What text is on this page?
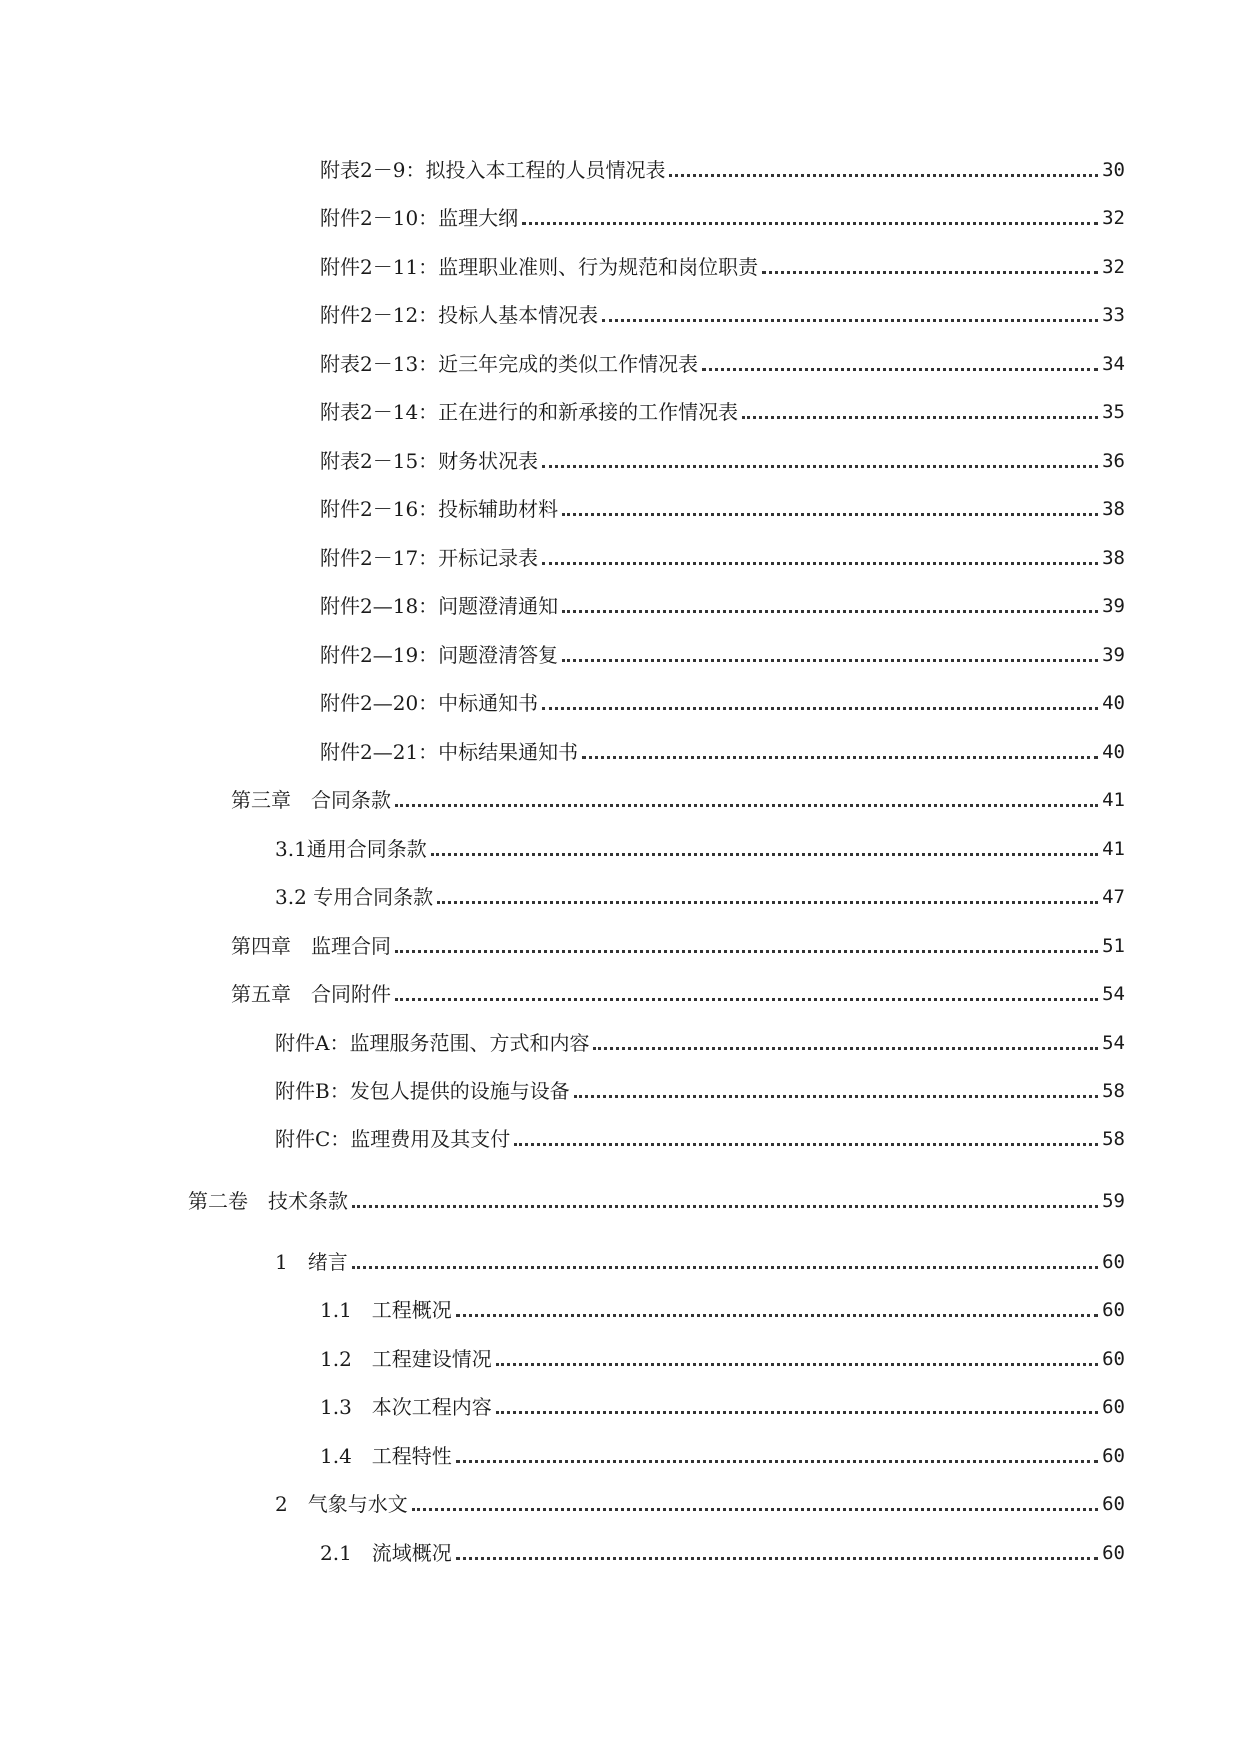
附表2－9：拟投入本工程的人员情况表	30
附件2－10：监理大纲	32
附件2－11：监理职业准则、行为规范和岗位职责	32
附件2－12：投标人基本情况表	33
附表2－13：近三年完成的类似工作情况表	34
附表2－14：正在进行的和新承接的工作情况表	35
附表2－15：财务状况表	36
附件2－16：投标辅助材料	38
附件2－17：开标记录表	38
附件2—18：问题澄清通知	39
附件2—19：问题澄清答复	39
附件2—20：中标通知书	40
附件2—21：中标结果通知书	40
第三章　合同条款	41
3.1通用合同条款	41
3.2 专用合同条款	47
第四章　监理合同	51
第五章　合同附件	54
附件A：监理服务范围、方式和内容	54
附件B：发包人提供的设施与设备	58
附件C：监理费用及其支付	58
第二卷　技术条款	59
1　绪言	60
1.1　工程概况	60
1.2　工程建设情况	60
1.3　本次工程内容	60
1.4　工程特性	60
2　气象与水文	60
2.1　流域概况	60
